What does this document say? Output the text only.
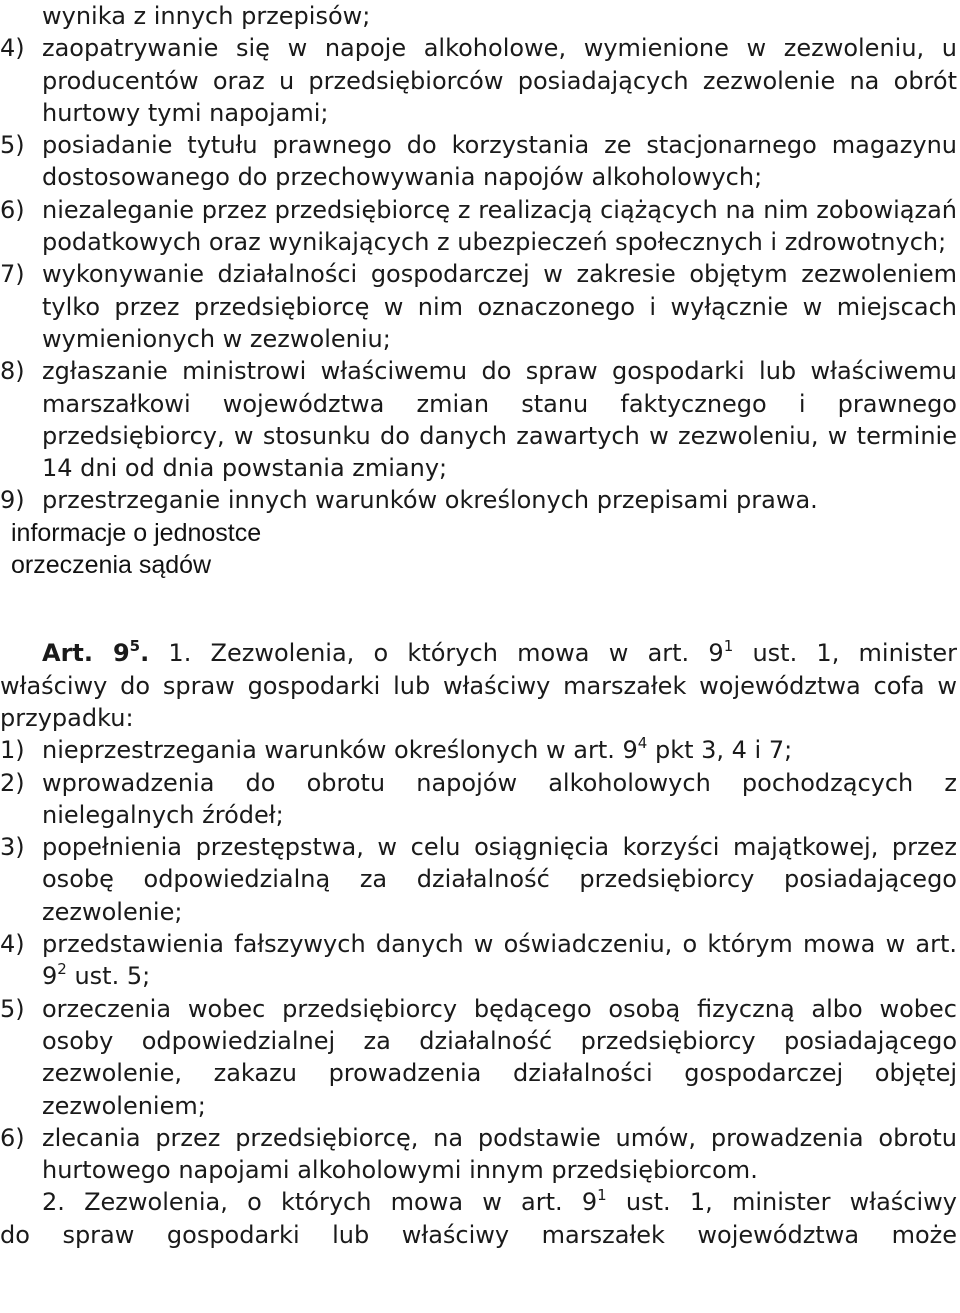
wynika z innych przepisów;
4) zaopatrywanie się w napoje alkoholowe, wymienione w zezwoleniu, u producentów oraz u przedsiębiorców posiadających zezwolenie na obrót hurtowy tymi napojami;
5) posiadanie tytułu prawnego do korzystania ze stacjonarnego magazynu dostosowanego do przechowywania napojów alkoholowych;
6) niezaleganie przez przedsiębiorcę z realizacją ciążących na nim zobowiązań podatkowych oraz wynikających z ubezpieczeń społecznych i zdrowotnych;
7) wykonywanie działalności gospodarczej w zakresie objętym zezwoleniem tylko przez przedsiębiorcę w nim oznaczonego i wyłącznie w miejscach wymienionych w zezwoleniu;
8) zgłaszanie ministrowi właściwemu do spraw gospodarki lub właściwemu marszałkowi województwa zmian stanu faktycznego i prawnego przedsiębiorcy, w stosunku do danych zawartych w zezwoleniu, w terminie 14 dni od dnia powstania zmiany;
9) przestrzeganie innych warunków określonych przepisami prawa.
informacje o jednostce
orzeczenia sądów
Art. $9^5$. 1. Zezwolenia, o których mowa w art. $9^1$ ust. 1, minister
właściwy do spraw gospodarki lub właściwy marszałek województwa cofa w przypadku:
1) nieprzestrzegania warunków określonych w art. $9^4$ pkt 3, 4 i 7;
2) wprowadzenia do obrotu napojów alkoholowych pochodzących z nielegalnych źródeł;
3) popełnienia przestępstwa, w celu osiągnięcia korzyści majątkowej, przez osobę odpowiedzialną za działalność przedsiębiorcy posiadającego zezwolenie;
4) przedstawienia fałszywych danych w oświadczeniu, o którym mowa w art. $9^2$ ust. 5;
5) orzeczenia wobec przedsiębiorcy będącego osobą fizyczną albo wobec osoby odpowiedzialnej za działalność przedsiębiorcy posiadającego zezwolenie, zakazu prowadzenia działalności gospodarczej objętej zezwoleniem;
6) zlecania przez przedsiębiorcę, na podstawie umów, prowadzenia obrotu hurtowego napojami alkoholowymi innym przedsiębiorcom.
2. Zezwolenia, o których mowa w art. $9^1$ ust. 1, minister właściwy
do spraw gospodarki lub właściwy marszałek województwa może
